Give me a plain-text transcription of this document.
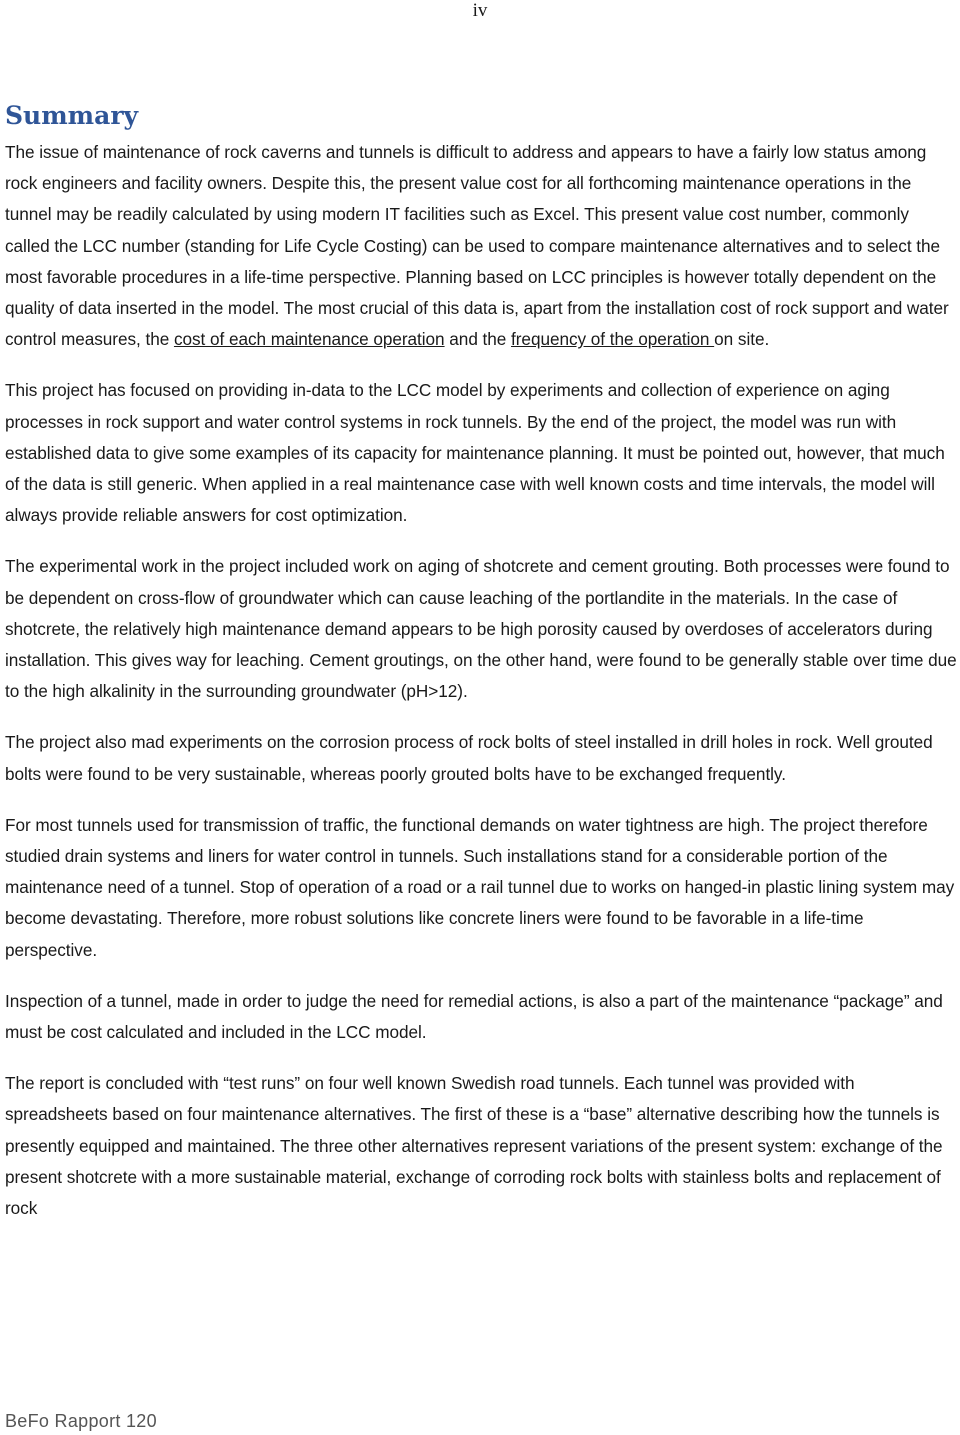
iv
Summary

The issue of maintenance of rock caverns and tunnels is difficult to address and appears to have a fairly low status among rock engineers and facility owners. Despite this, the present value cost for all forthcoming maintenance operations in the tunnel may be readily calculated by using modern IT facilities such as Excel. This present value cost number, commonly called the LCC number (standing for Life Cycle Costing) can be used to compare maintenance alternatives and to select the most favorable procedures in a life-time perspective. Planning based on LCC principles is however totally dependent on the quality of data inserted in the model. The most crucial of this data is, apart from the installation cost of rock support and water control measures, the cost of each maintenance operation and the frequency of the operation on site.

This project has focused on providing in-data to the LCC model by experiments and collection of experience on aging processes in rock support and water control systems in rock tunnels. By the end of the project, the model was run with established data to give some examples of its capacity for maintenance planning. It must be pointed out, however, that much of the data is still generic. When applied in a real maintenance case with well known costs and time intervals, the model will always provide reliable answers for cost optimization.

The experimental work in the project included work on aging of shotcrete and cement grouting. Both processes were found to be dependent on cross-flow of groundwater which can cause leaching of the portlandite in the materials. In the case of shotcrete, the relatively high maintenance demand appears to be high porosity caused by overdoses of accelerators during installation. This gives way for leaching. Cement groutings, on the other hand, were found to be generally stable over time due to the high alkalinity in the surrounding groundwater (pH>12).

The project also mad experiments on the corrosion process of rock bolts of steel installed in drill holes in rock. Well grouted bolts were found to be very sustainable, whereas poorly grouted bolts have to be exchanged frequently.

For most tunnels used for transmission of traffic, the functional demands on water tightness are high. The project therefore studied drain systems and liners for water control in tunnels. Such installations stand for a considerable portion of the maintenance need of a tunnel. Stop of operation of a road or a rail tunnel due to works on hanged-in plastic lining system may become devastating. Therefore, more robust solutions like concrete liners were found to be favorable in a life-time perspective.

Inspection of a tunnel, made in order to judge the need for remedial actions, is also a part of the maintenance “package” and must be cost calculated and included in the LCC model.

The report is concluded with “test runs” on four well known Swedish road tunnels. Each tunnel was provided with spreadsheets based on four maintenance alternatives. The first of these is a “base” alternative describing how the tunnels is presently equipped and maintained. The three other alternatives represent variations of the present system: exchange of the present shotcrete with a more sustainable material, exchange of corroding rock bolts with stainless bolts and replacement of rock

BeFo Rapport 120
